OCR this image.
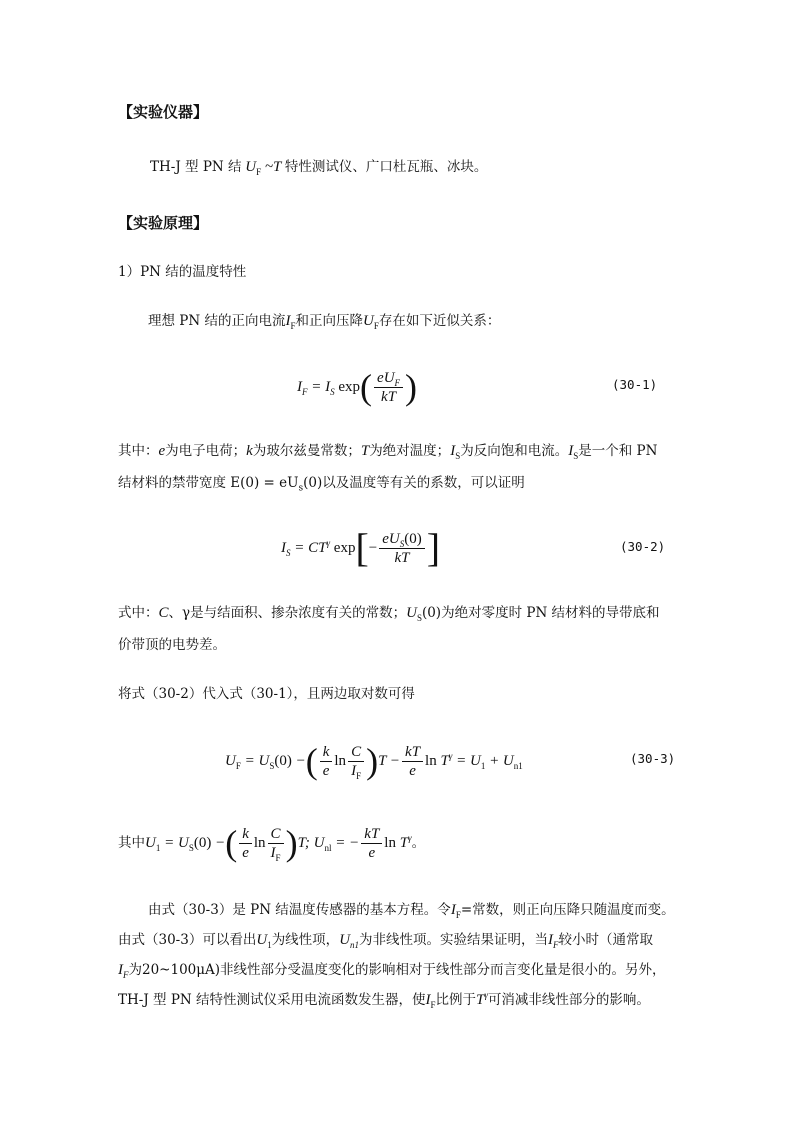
【实验仪器】
TH-J 型 PN 结 $U_F$ ~T 特性测试仪、广口杜瓦瓶、冰块。
【实验原理】
1）PN 结的温度特性
理想 PN 结的正向电流$I_F$和正向压降$U_F$存在如下近似关系：
$I_F = I_S$ exp ( $\frac{eU_F}{kT}$ )	(30-1)
其中：e为电子电荷；k为玻尔兹曼常数；T为绝对温度；$I_S$为反向饱和电流。$I_S$是一个和 PN
结材料的禁带宽度 $E(0) = eU_s(0)$以及温度等有关的系数，可以证明
$I_S = CT^\gamma$ exp [ − $\frac{eU_S(0)}{kT}$ ]	(30-2)
式中：C、γ是与结面积、掺杂浓度有关的常数；$U_S(0)$为绝对零度时 PN 结材料的导带底和
价带顶的电势差。
将式（30-2）代入式（30-1），且两边取对数可得
$U_F = U_S(0)$ − ( $\frac{k}{e}$ $\ln \frac{C}{I_F}$ ) $T - \frac{kT}{e}$ $\ln T^\gamma = U_1 + U_{n1}$	(30-3)
其中 $U_1 = U_S(0)$ − ( $\frac{k}{e}$ $\ln \frac{C}{I_F}$ ) T; $U_{nl}$ = − $\frac{kT}{e}$ $\ln T^\gamma$ 。
由式（30-3）是 PN 结温度传感器的基本方程。令$I_F=$常数，则正向压降只随温度而变。
由式（30-3）可以看出$U_1$为线性项，$U_{n1}$为非线性项。实验结果证明，当$I_F$较小时（通常取
$I_F$为20~100μA)非线性部分受温度变化的影响相对于线性部分而言变化量是很小的。另外，
TH-J 型 PN 结特性测试仪采用电流函数发生器，使$I_F$比例于$T^\gamma$可消减非线性部分的影响。
